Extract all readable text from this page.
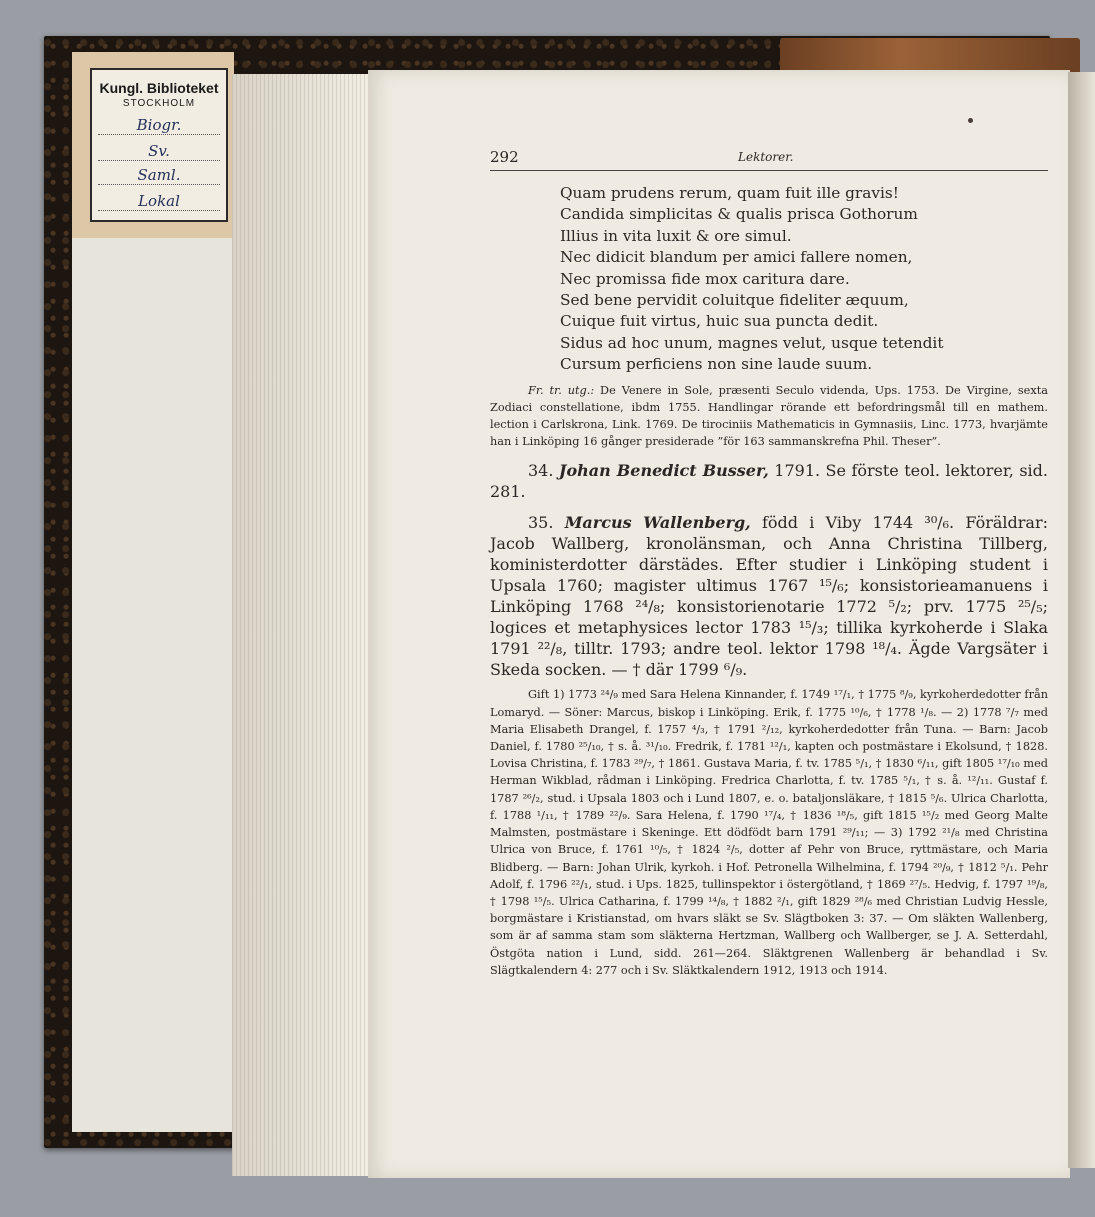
Kungl. Biblioteket
STOCKHOLM
Biogr.
Sv.
Saml.
Lokal
292	Lektorer.
Quam prudens rerum, quam fuit ille gravis!
Candida simplicitas & qualis prisca Gothorum
Illius in vita luxit & ore simul.
Nec didicit blandum per amici fallere nomen,
Nec promissa fide mox caritura dare.
Sed bene pervidit coluitque fideliter æquum,
Cuique fuit virtus, huic sua puncta dedit.
Sidus ad hoc unum, magnes velut, usque tetendit
Cursum perficiens non sine laude suum.
Fr. tr. utg.: De Venere in Sole, præsenti Seculo videnda, Ups. 1753. De Virgine, sexta Zodiaci constellatione, ibdm 1755. Handlingar rörande ett befordringsmål till en mathem. lection i Carlskrona, Link. 1769. De tirociniis Mathematicis in Gymnasiis, Linc. 1773, hvarjämte han i Linköping 16 gånger presiderade ”för 163 sammanskrefna Phil. Theser”.
34. Johan Benedict Busser, 1791. Se förste teol. lektorer, sid. 281.
35. Marcus Wallenberg, född i Viby 1744 ³⁰/₆. Föräldrar: Jacob Wallberg, kronolänsman, och Anna Christina Tillberg, koministerdotter därstädes. Efter studier i Linköping student i Upsala 1760; magister ultimus 1767 ¹⁵/₆; konsistorieamanuens i Linköping 1768 ²⁴/₈; konsistorienotarie 1772 ⁵/₂; prv. 1775 ²⁵/₅; logices et metaphysices lector 1783 ¹⁵/₃; tillika kyrkoherde i Slaka 1791 ²²/₈, tilltr. 1793; andre teol. lektor 1798 ¹⁸/₄. Ägde Vargsäter i Skeda socken. — † där 1799 ⁶/₉.
Gift 1) 1773 ²⁴/₉ med Sara Helena Kinnander, f. 1749 ¹⁷/₁, † 1775 ⁸/₉, kyrkoherdedotter från Lomaryd. — Söner: Marcus, biskop i Linköping. Erik, f. 1775 ¹⁰/₆, † 1778 ¹/₈. — 2) 1778 ⁷/₇ med Maria Elisabeth Drangel, f. 1757 ⁴/₃, † 1791 ²/₁₂, kyrkoherdedotter från Tuna. — Barn: Jacob Daniel, f. 1780 ²⁵/₁₀, † s. å. ³¹/₁₀. Fredrik, f. 1781 ¹²/₁, kapten och postmästare i Ekolsund, † 1828. Lovisa Christina, f. 1783 ²⁹/₇, † 1861. Gustava Maria, f. tv. 1785 ⁵/₁, † 1830 ⁶/₁₁, gift 1805 ¹⁷/₁₀ med Herman Wikblad, rådman i Linköping. Fredrica Charlotta, f. tv. 1785 ⁵/₁, † s. å. ¹²/₁₁. Gustaf f. 1787 ²⁶/₂, stud. i Upsala 1803 och i Lund 1807, e. o. bataljonsläkare, † 1815 ⁵/₆. Ulrica Charlotta, f. 1788 ¹/₁₁, † 1789 ²²/₉. Sara Helena, f. 1790 ¹⁷/₄, † 1836 ¹⁸/₅, gift 1815 ¹⁵/₂ med Georg Malte Malmsten, postmästare i Skeninge. Ett dödfödt barn 1791 ²⁹/₁₁; — 3) 1792 ²¹/₈ med Christina Ulrica von Bruce, f. 1761 ¹⁰/₅, † 1824 ²/₅, dotter af Pehr von Bruce, ryttmästare, och Maria Blidberg. — Barn: Johan Ulrik, kyrkoh. i Hof. Petronella Wilhelmina, f. 1794 ²⁰/₉, † 1812 ⁵/₁. Pehr Adolf, f. 1796 ²²/₁, stud. i Ups. 1825, tullinspektor i östergötland, † 1869 ²⁷/₅. Hedvig, f. 1797 ¹⁹/₈, † 1798 ¹⁵/₅. Ulrica Catharina, f. 1799 ¹⁴/₈, † 1882 ²/₁, gift 1829 ²⁸/₆ med Christian Ludvig Hessle, borgmästare i Kristianstad, om hvars släkt se Sv. Slägtboken 3: 37. — Om släkten Wallenberg, som är af samma stam som släkterna Hertzman, Wallberg och Wallberger, se J. A. Setterdahl, Östgöta nation i Lund, sidd. 261—264. Släktgrenen Wallenberg är behandlad i Sv. Slägtkalendern 4: 277 och i Sv. Släktkalendern 1912, 1913 och 1914.
